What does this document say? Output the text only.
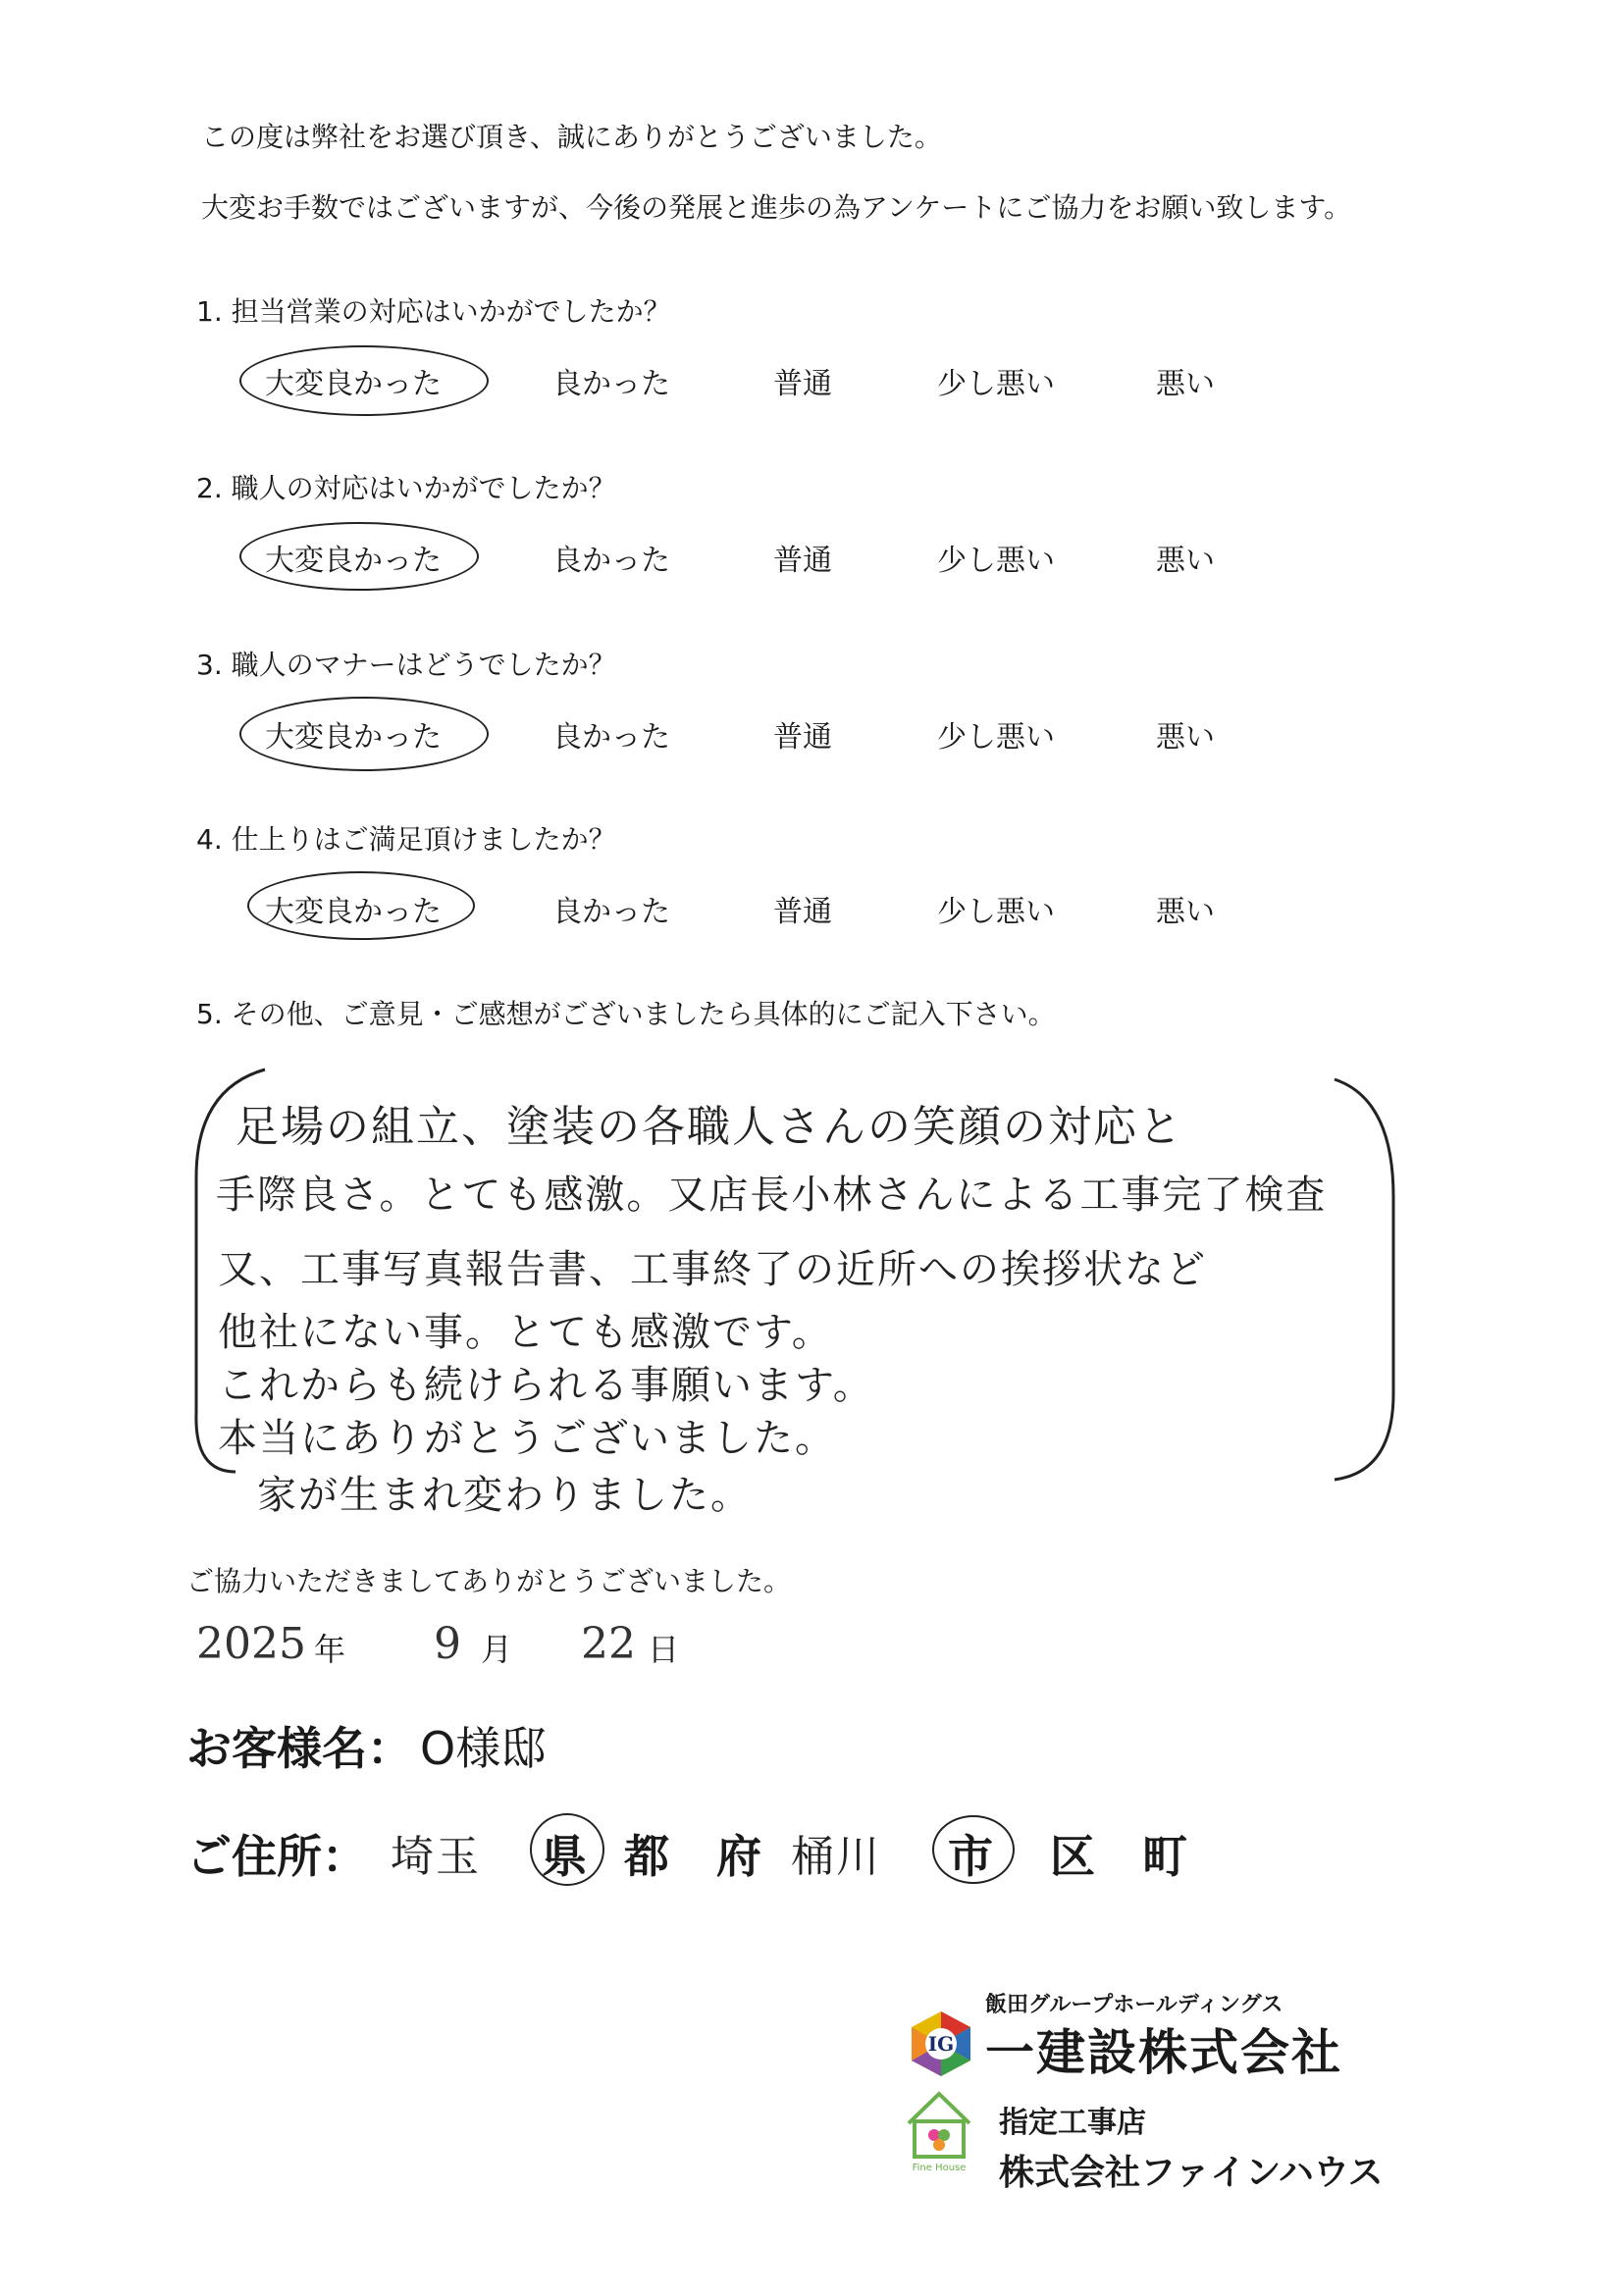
この度は弊社をお選び頂き、誠にありがとうございました。
大変お手数ではございますが、今後の発展と進歩の為アンケートにご協力をお願い致します。
1. 担当営業の対応はいかがでしたか？
大変良かった	良かった	普通	少し悪い	悪い
2. 職人の対応はいかがでしたか？
大変良かった	良かった	普通	少し悪い	悪い
3. 職人のマナーはどうでしたか？
大変良かった	良かった	普通	少し悪い	悪い
4. 仕上りはご満足頂けましたか？
大変良かった	良かった	普通	少し悪い	悪い
5. その他、ご意見・ご感想がございましたら具体的にご記入下さい。
足場の組立、塗装の各職人さんの笑顔の対応と
手際良さ。とても感激。又店長小林さんによる工事完了検査
又、工事写真報告書、工事終了の近所への挨拶状など
他社にない事。とても感激です。
これからも続けられる事願います。
本当にありがとうございました。
家が生まれ変わりました。
ご協力いただきましてありがとうございました。
2025 年 9 月 22 日
お客様名： O様邸
ご住所： 埼玉 県 都 府 桶川 市 区 町
飯田グループホールディングス
IG 一建設株式会社
Fine House
指定工事店
株式会社ファインハウス
